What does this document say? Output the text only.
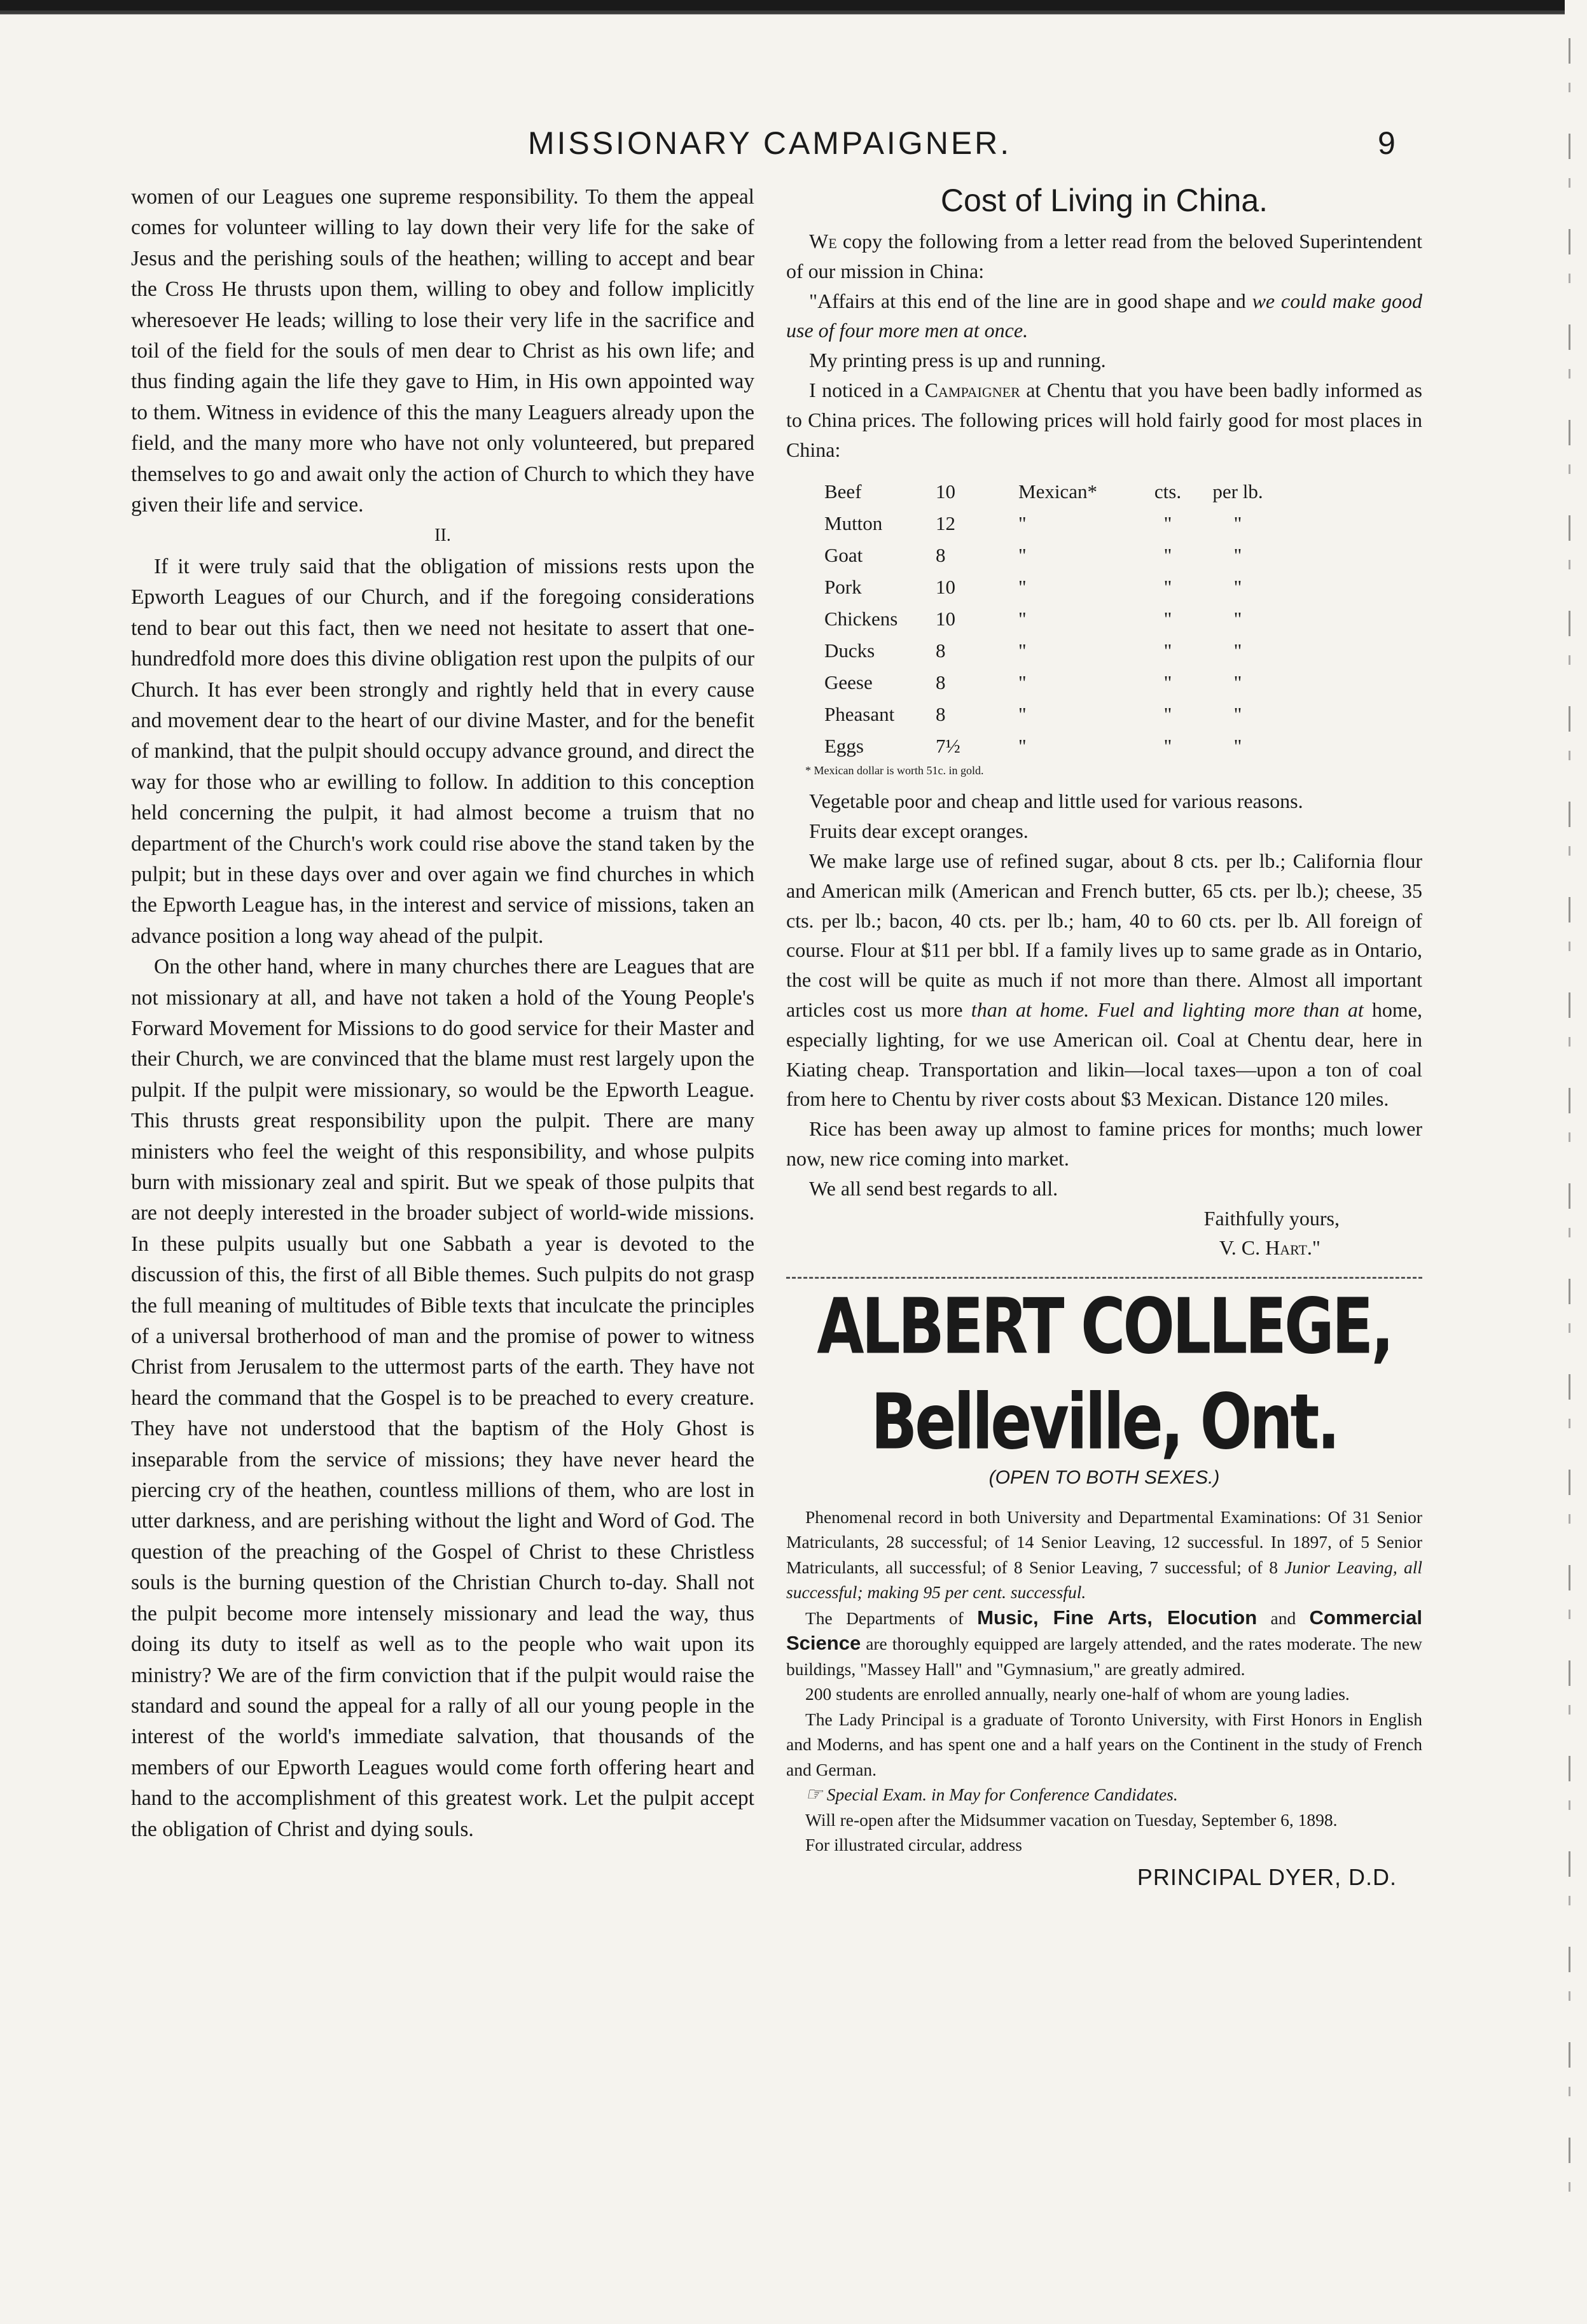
MISSIONARY CAMPAIGNER.	9

women of our Leagues one supreme responsibility. To them the appeal comes for volunteer willing to lay down their very life for the sake of Jesus and the perishing souls of the heathen; willing to accept and bear the Cross He thrusts upon them, willing to obey and follow implicitly wheresoever He leads; willing to lose their very life in the sacrifice and toil of the field for the souls of men dear to Christ as his own life; and thus finding again the life they gave to Him, in His own appointed way to them. Witness in evidence of this the many Leaguers already upon the field, and the many more who have not only volunteered, but prepared themselves to go and await only the action of Church to which they have given their life and service.

II.

If it were truly said that the obligation of missions rests upon the Epworth Leagues of our Church, and if the foregoing considerations tend to bear out this fact, then we need not hesitate to assert that one-hundredfold more does this divine obligation rest upon the pulpits of our Church. It has ever been strongly and rightly held that in every cause and movement dear to the heart of our divine Master, and for the benefit of mankind, that the pulpit should occupy advance ground, and direct the way for those who ar ewilling to follow. In addition to this conception held concerning the pulpit, it had almost become a truism that no department of the Church's work could rise above the stand taken by the pulpit; but in these days over and over again we find churches in which the Epworth League has, in the interest and service of missions, taken an advance position a long way ahead of the pulpit.

On the other hand, where in many churches there are Leagues that are not missionary at all, and have not taken a hold of the Young People's Forward Movement for Missions to do good service for their Master and their Church, we are convinced that the blame must rest largely upon the pulpit. If the pulpit were missionary, so would be the Epworth League. This thrusts great responsibility upon the pulpit. There are many ministers who feel the weight of this responsibility, and whose pulpits burn with missionary zeal and spirit. But we speak of those pulpits that are not deeply interested in the broader subject of world-wide missions. In these pulpits usually but one Sabbath a year is devoted to the discussion of this, the first of all Bible themes. Such pulpits do not grasp the full meaning of multitudes of Bible texts that inculcate the principles of a universal brotherhood of man and the promise of power to witness Christ from Jerusalem to the uttermost parts of the earth. They have not heard the command that the Gospel is to be preached to every creature. They have not understood that the baptism of the Holy Ghost is inseparable from the service of missions; they have never heard the piercing cry of the heathen, countless millions of them, who are lost in utter darkness, and are perishing without the light and Word of God. The question of the preaching of the Gospel of Christ to these Christless souls is the burning question of the Christian Church to-day. Shall not the pulpit become more intensely missionary and lead the way, thus doing its duty to itself as well as to the people who wait upon its ministry? We are of the firm conviction that if the pulpit would raise the standard and sound the appeal for a rally of all our young people in the interest of the world's immediate salvation, that thousands of the members of our Epworth Leagues would come forth offering heart and hand to the accomplishment of this greatest work. Let the pulpit accept the obligation of Christ and dying souls.

Cost of Living in China.

We copy the following from a letter read from the beloved Superintendent of our mission in China:

"Affairs at this end of the line are in good shape and we could make good use of four more men at once.

My printing press is up and running.

I noticed in a Campaigner at Chentu that you have been badly informed as to China prices. The following prices will hold fairly good for most places in China:

Beef	10	Mexican*	cts.	per lb.
Mutton	12	"	"	"
Goat	8	"	"	"
Pork	10	"	"	"
Chickens	10	"	"	"
Ducks	8	"	"	"
Geese	8	"	"	"
Pheasant	8	"	"	"
Eggs	7½	"	"	"
* Mexican dollar is worth 51c. in gold.

Vegetable poor and cheap and little used for various reasons.

Fruits dear except oranges.

We make large use of refined sugar, about 8 cts. per lb.; California flour and American milk (American and French butter, 65 cts. per lb.); cheese, 35 cts. per lb.; bacon, 40 cts. per lb.; ham, 40 to 60 cts. per lb. All foreign of course. Flour at $11 per bbl. If a family lives up to same grade as in Ontario, the cost will be quite as much if not more than there. Almost all important articles cost us more than at home. Fuel and lighting more than at home, especially lighting, for we use American oil. Coal at Chentu dear, here in Kiating cheap. Transportation and likin—local taxes—upon a ton of coal from here to Chentu by river costs about $3 Mexican. Distance 120 miles.

Rice has been away up almost to famine prices for months; much lower now, new rice coming into market.

We all send best regards to all.

Faithfully yours,
V. C. Hart."
ALBERT COLLEGE, Belleville, Ont.
(OPEN TO BOTH SEXES.)

Phenomenal record in both University and Departmental Examinations: Of 31 Senior Matriculants, 28 successful; of 14 Senior Leaving, 12 successful. In 1897, of 5 Senior Matriculants, all successful; of 8 Senior Leaving, 7 successful; of 8 Junior Leaving, all successful; making 95 per cent. successful.

The Departments of Music, Fine Arts, Elocution and Commercial Science are thoroughly equipped are largely attended, and the rates moderate. The new buildings, "Massey Hall" and "Gymnasium," are greatly admired.

200 students are enrolled annually, nearly one-half of whom are young ladies.

The Lady Principal is a graduate of Toronto University, with First Honors in English and Moderns, and has spent one and a half years on the Continent in the study of French and German.

☞ Special Exam. in May for Conference Candidates.

Will re-open after the Midsummer vacation on Tuesday, September 6, 1898.

For illustrated circular, address

PRINCIPAL DYER, D.D.
